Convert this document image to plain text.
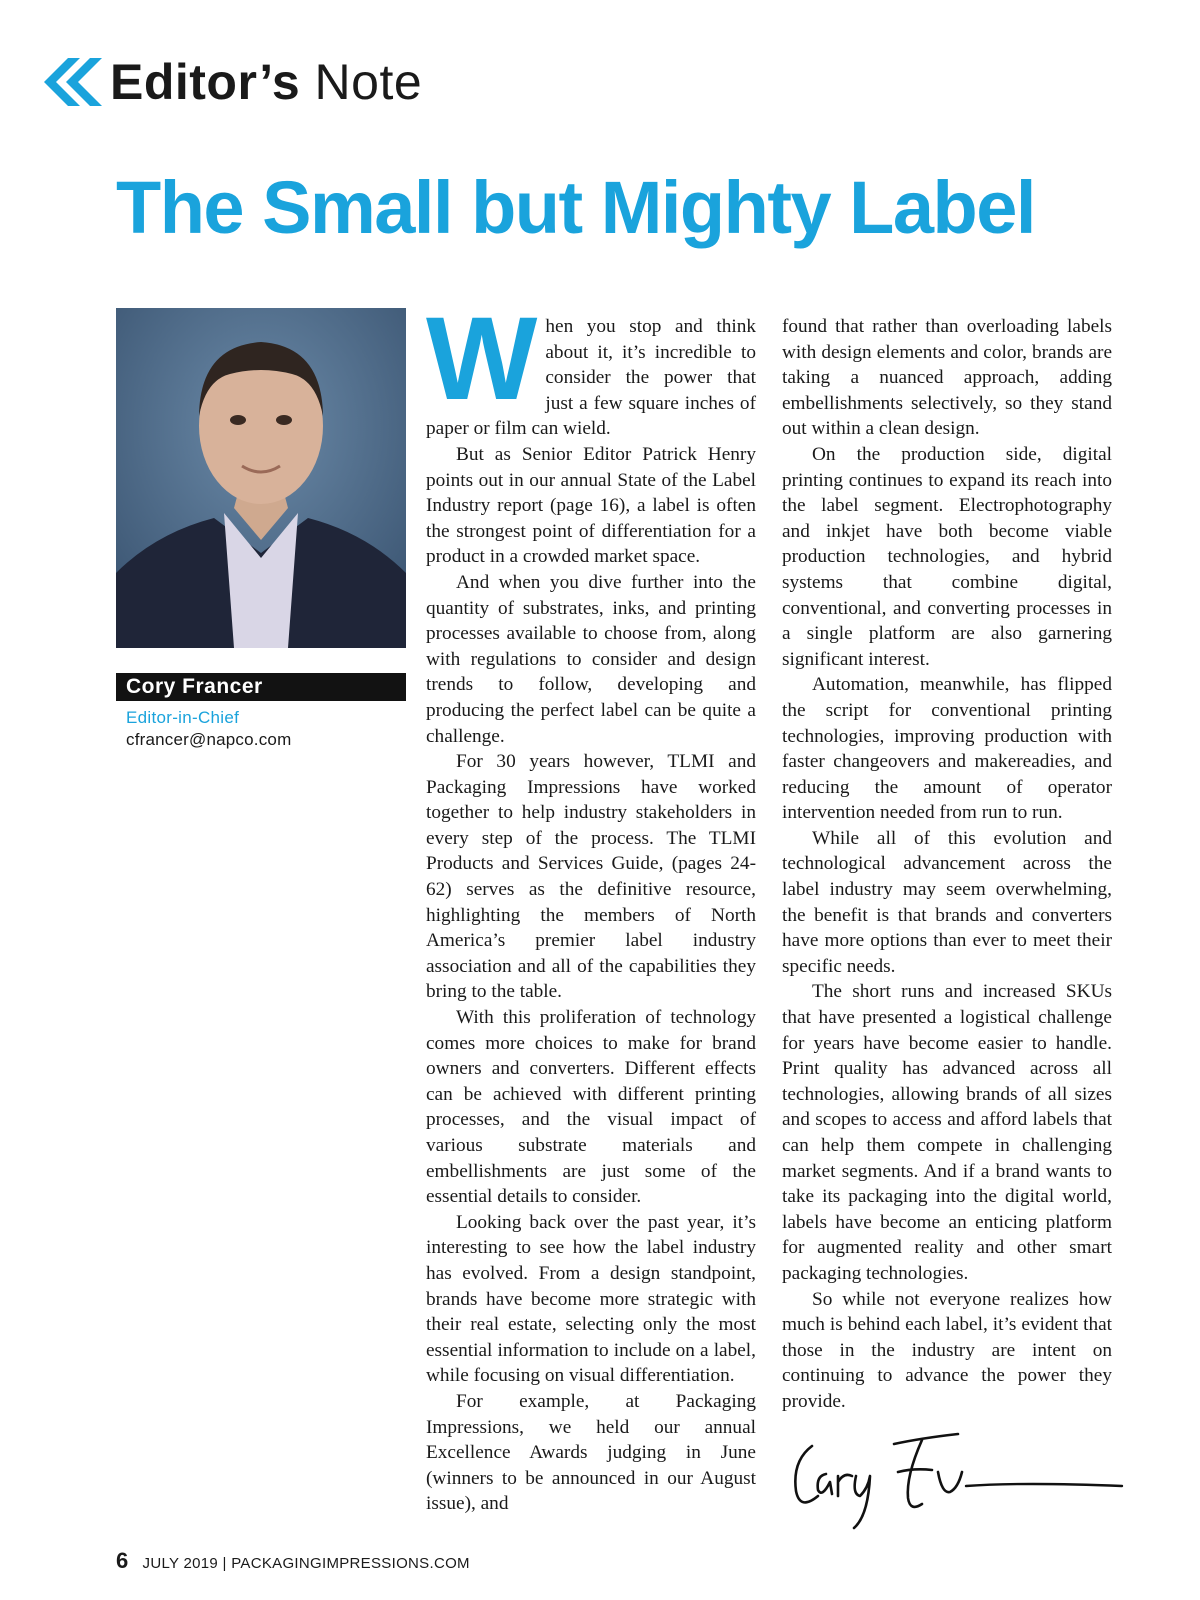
Editor’s Note
The Small but Mighty Label
Cory Francer
Editor-in-Chief
cfrancer@napco.com

When you stop and think about it, it’s incredible to consider the power that just a few square inches of paper or film can wield.

But as Senior Editor Patrick Henry points out in our annual State of the Label Industry report (page 16), a label is often the strongest point of differentiation for a product in a crowded market space.

And when you dive further into the quantity of substrates, inks, and printing processes available to choose from, along with regulations to consider and design trends to follow, developing and producing the perfect label can be quite a challenge.

For 30 years however, TLMI and Packaging Impressions have worked together to help industry stakeholders in every step of the process. The TLMI Products and Services Guide, (pages 24-62) serves as the definitive resource, highlighting the members of North America’s premier label industry association and all of the capabilities they bring to the table.

With this proliferation of technology comes more choices to make for brand owners and converters. Different effects can be achieved with different printing processes, and the visual impact of various substrate materials and embellishments are just some of the essential details to consider.

Looking back over the past year, it’s interesting to see how the label industry has evolved. From a design standpoint, brands have become more strategic with their real estate, selecting only the most essential information to include on a label, while focusing on visual differentiation.

For example, at Packaging Impressions, we held our annual Excellence Awards judging in June (winners to be announced in our August issue), and

found that rather than overloading labels with design elements and color, brands are taking a nuanced approach, adding embellishments selectively, so they stand out within a clean design.

On the production side, digital printing continues to expand its reach into the label segment. Electrophotography and inkjet have both become viable production technologies, and hybrid systems that combine digital, conventional, and converting processes in a single platform are also garnering significant interest.

Automation, meanwhile, has flipped the script for conventional printing technologies, improving production with faster changeovers and makereadies, and reducing the amount of operator intervention needed from run to run.

While all of this evolution and technological advancement across the label industry may seem overwhelming, the benefit is that brands and converters have more options than ever to meet their specific needs.

The short runs and increased SKUs that have presented a logistical challenge for years have become easier to handle. Print quality has advanced across all technologies, allowing brands of all sizes and scopes to access and afford labels that can help them compete in challenging market segments. And if a brand wants to take its packaging into the digital world, labels have become an enticing platform for augmented reality and other smart packaging technologies.

So while not everyone realizes how much is behind each label, it’s evident that those in the industry are intent on continuing to advance the power they provide.

6 JULY 2019 | PACKAGINGIMPRESSIONS.COM
